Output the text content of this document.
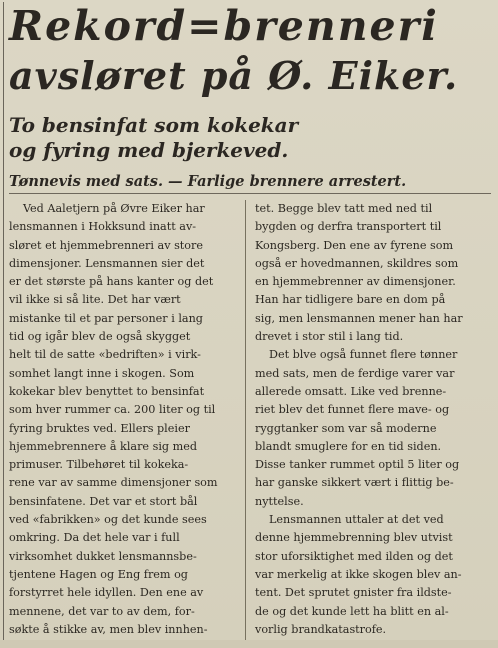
Rekord=brenneri
avsløret på Ø. Eiker.
To bensinfat som kokekar
og fyring med bjerkeved.
Tønnevis med sats. — Farlige brennere arrestert.
Ved Aaletjern på Øvre Eiker har
lensmannen i Hokksund inatt av-
sløret et hjemmebrenneri av store
dimensjoner. Lensmannen sier det
er det største på hans kanter og det
vil ikke si så lite. Det har vært
mistanke til et par personer i lang
tid og igår blev de også skygget
helt til de satte «bedriften» i virk-
somhet langt inne i skogen. Som
kokekar blev benyttet to bensinfat
som hver rummer ca. 200 liter og til
fyring bruktes ved. Ellers pleier
hjemmebrennere å klare sig med
primuser. Tilbehøret til kokeka-
rene var av samme dimensjoner som
bensinfatene. Det var et stort bål
ved «fabrikken» og det kunde sees
omkring. Da det hele var i full
virksomhet dukket lensmannsbe-
tjentene Hagen og Eng frem og
forstyrret hele idyllen. Den ene av
mennene, det var to av dem, for-
søkte å stikke av, men blev innhen-
tet. Begge blev tatt med ned til
bygden og derfra transportert til
Kongsberg. Den ene av fyrene som
også er hovedmannen, skildres som
en hjemmebrenner av dimensjoner.
Han har tidligere bare en dom på
sig, men lensmannen mener han har
drevet i stor stil i lang tid.
Det blve også funnet flere tønner
med sats, men de ferdige varer var
allerede omsatt. Like ved brenne-
riet blev det funnet flere mave- og
ryggtanker som var så moderne
blandt smuglere for en tid siden.
Disse tanker rummet optil 5 liter og
har ganske sikkert vært i flittig be-
nyttelse.
Lensmannen uttaler at det ved
denne hjemmebrenning blev utvist
stor uforsiktighet med ilden og det
var merkelig at ikke skogen blev an-
tent. Det sprutet gnister fra ildste-
de og det kunde lett ha blitt en al-
vorlig brandkatastrofe.
